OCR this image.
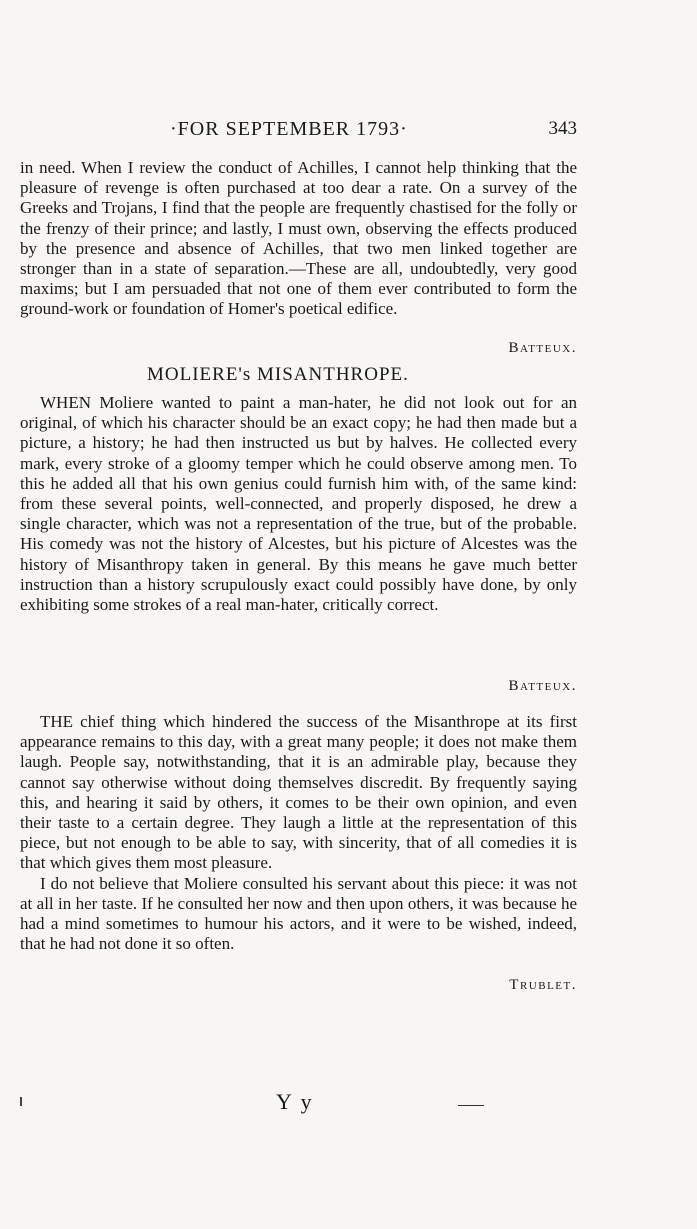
·FOR SEPTEMBER 1793·	343

in need. When I review the conduct of Achilles, I cannot help thinking that the pleasure of revenge is often purchased at too dear a rate. On a survey of the Greeks and Trojans, I find that the people are frequently chastised for the folly or the frenzy of their prince; and lastly, I must own, observing the effects produced by the presence and absence of Achilles, that two men linked together are stronger than in a state of separation.—These are all, undoubtedly, very good maxims; but I am persuaded that not one of them ever contributed to form the ground-work or foundation of Homer's poetical edifice.

Batteux.
MOLIERE's MISANTHROPE.

WHEN Moliere wanted to paint a man-hater, he did not look out for an original, of which his character should be an exact copy; he had then made but a picture, a history; he had then instructed us but by halves. He collected every mark, every stroke of a gloomy temper which he could observe among men. To this he added all that his own genius could furnish him with, of the same kind: from these several points, well-connected, and properly disposed, he drew a single character, which was not a representation of the true, but of the probable. His comedy was not the history of Alcestes, but his picture of Alcestes was the history of Misanthropy taken in general. By this means he gave much better instruction than a history scrupulously exact could possibly have done, by only exhibiting some strokes of a real man-hater, critically correct.

Batteux.

THE chief thing which hindered the success of the Misanthrope at its first appearance remains to this day, with a great many people; it does not make them laugh. People say, notwithstanding, that it is an admirable play, because they cannot say otherwise without doing themselves discredit. By frequently saying this, and hearing it said by others, it comes to be their own opinion, and even their taste to a certain degree. They laugh a little at the representation of this piece, but not enough to be able to say, with sincerity, that of all comedies it is that which gives them most pleasure.

I do not believe that Moliere consulted his servant about this piece: it was not at all in her taste. If he consulted her now and then upon others, it was because he had a mind sometimes to humour his actors, and it were to be wished, indeed, that he had not done it so often.

Trublet.
Y y
